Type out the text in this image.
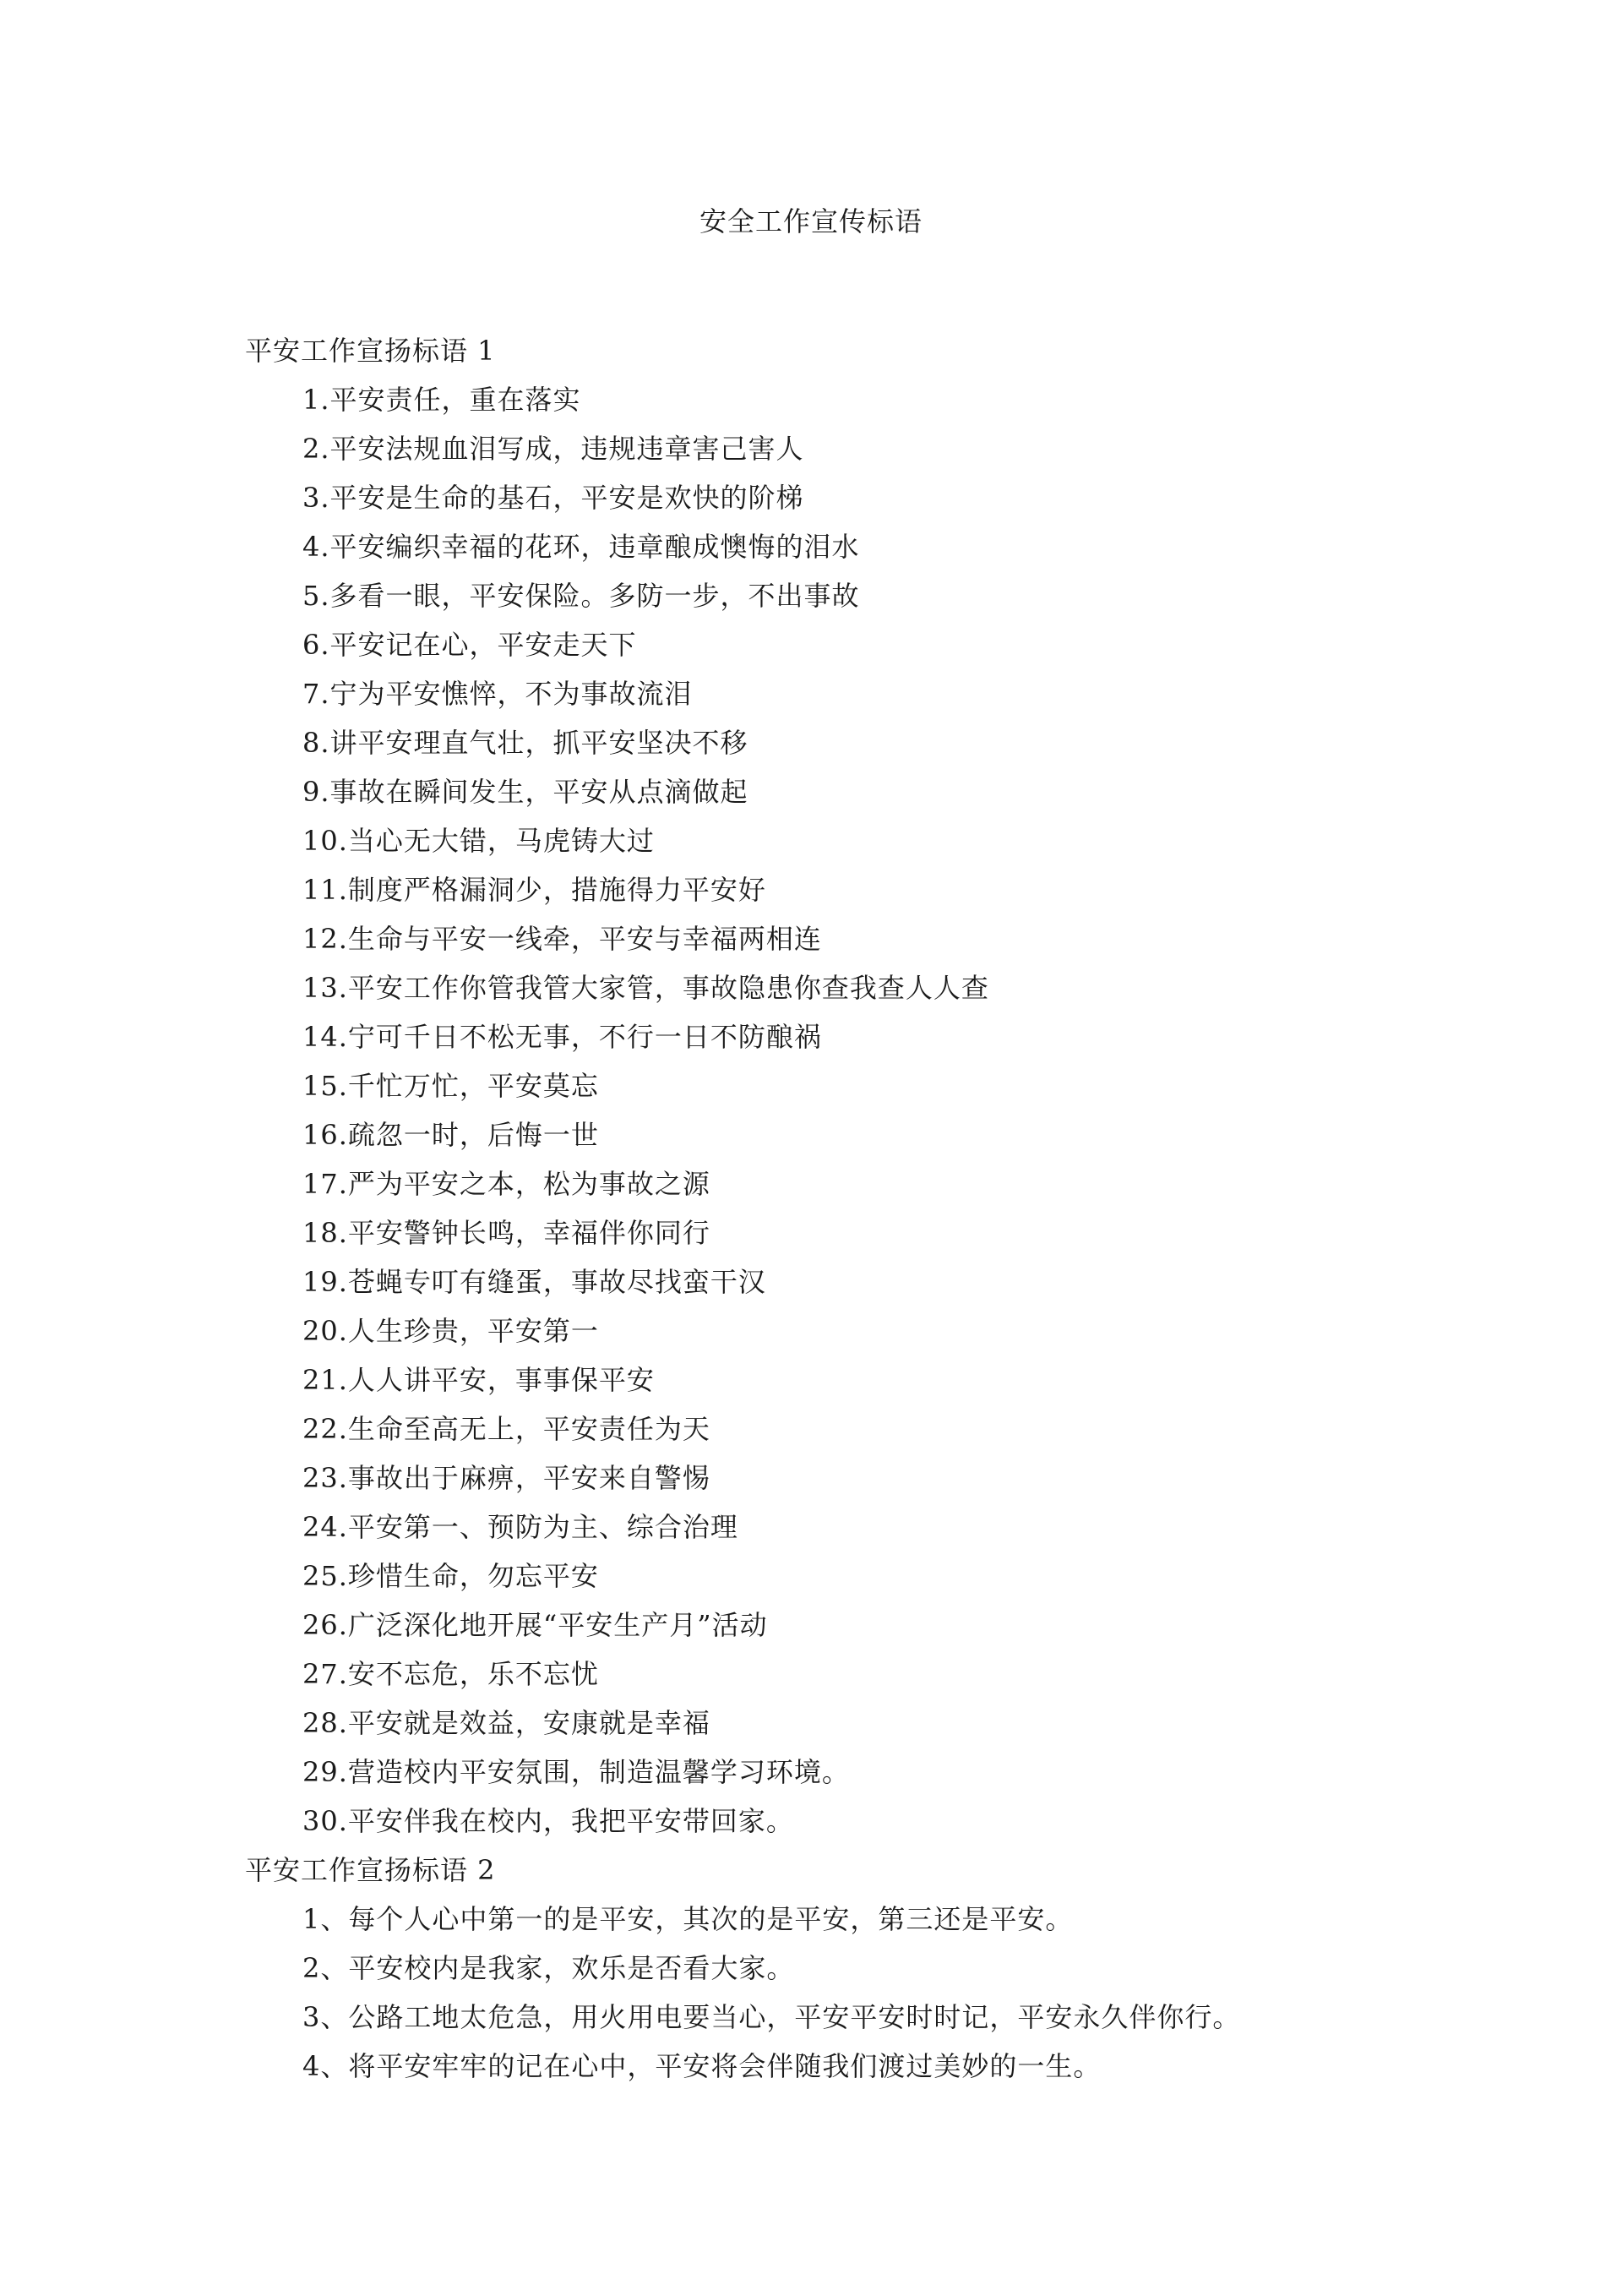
安全工作宣传标语
平安工作宣扬标语 1
1.平安责任，重在落实
2.平安法规血泪写成，违规违章害己害人
3.平安是生命的基石，平安是欢快的阶梯
4.平安编织幸福的花环，违章酿成懊悔的泪水
5.多看一眼，平安保险。多防一步，不出事故
6.平安记在心，平安走天下
7.宁为平安憔悴，不为事故流泪
8.讲平安理直气壮，抓平安坚决不移
9.事故在瞬间发生，平安从点滴做起
10.当心无大错，马虎铸大过
11.制度严格漏洞少，措施得力平安好
12.生命与平安一线牵，平安与幸福两相连
13.平安工作你管我管大家管，事故隐患你查我查人人查
14.宁可千日不松无事，不行一日不防酿祸
15.千忙万忙，平安莫忘
16.疏忽一时，后悔一世
17.严为平安之本，松为事故之源
18.平安警钟长鸣，幸福伴你同行
19.苍蝇专叮有缝蛋，事故尽找蛮干汉
20.人生珍贵，平安第一
21.人人讲平安，事事保平安
22.生命至高无上，平安责任为天
23.事故出于麻痹，平安来自警惕
24.平安第一、预防为主、综合治理
25.珍惜生命，勿忘平安
26.广泛深化地开展“平安生产月”活动
27.安不忘危，乐不忘忧
28.平安就是效益，安康就是幸福
29.营造校内平安氛围，制造温馨学习环境。
30.平安伴我在校内，我把平安带回家。
平安工作宣扬标语 2
1、每个人心中第一的是平安，其次的是平安，第三还是平安。
2、平安校内是我家，欢乐是否看大家。
3、公路工地太危急，用火用电要当心，平安平安时时记，平安永久伴你行。
4、将平安牢牢的记在心中，平安将会伴随我们渡过美妙的一生。
